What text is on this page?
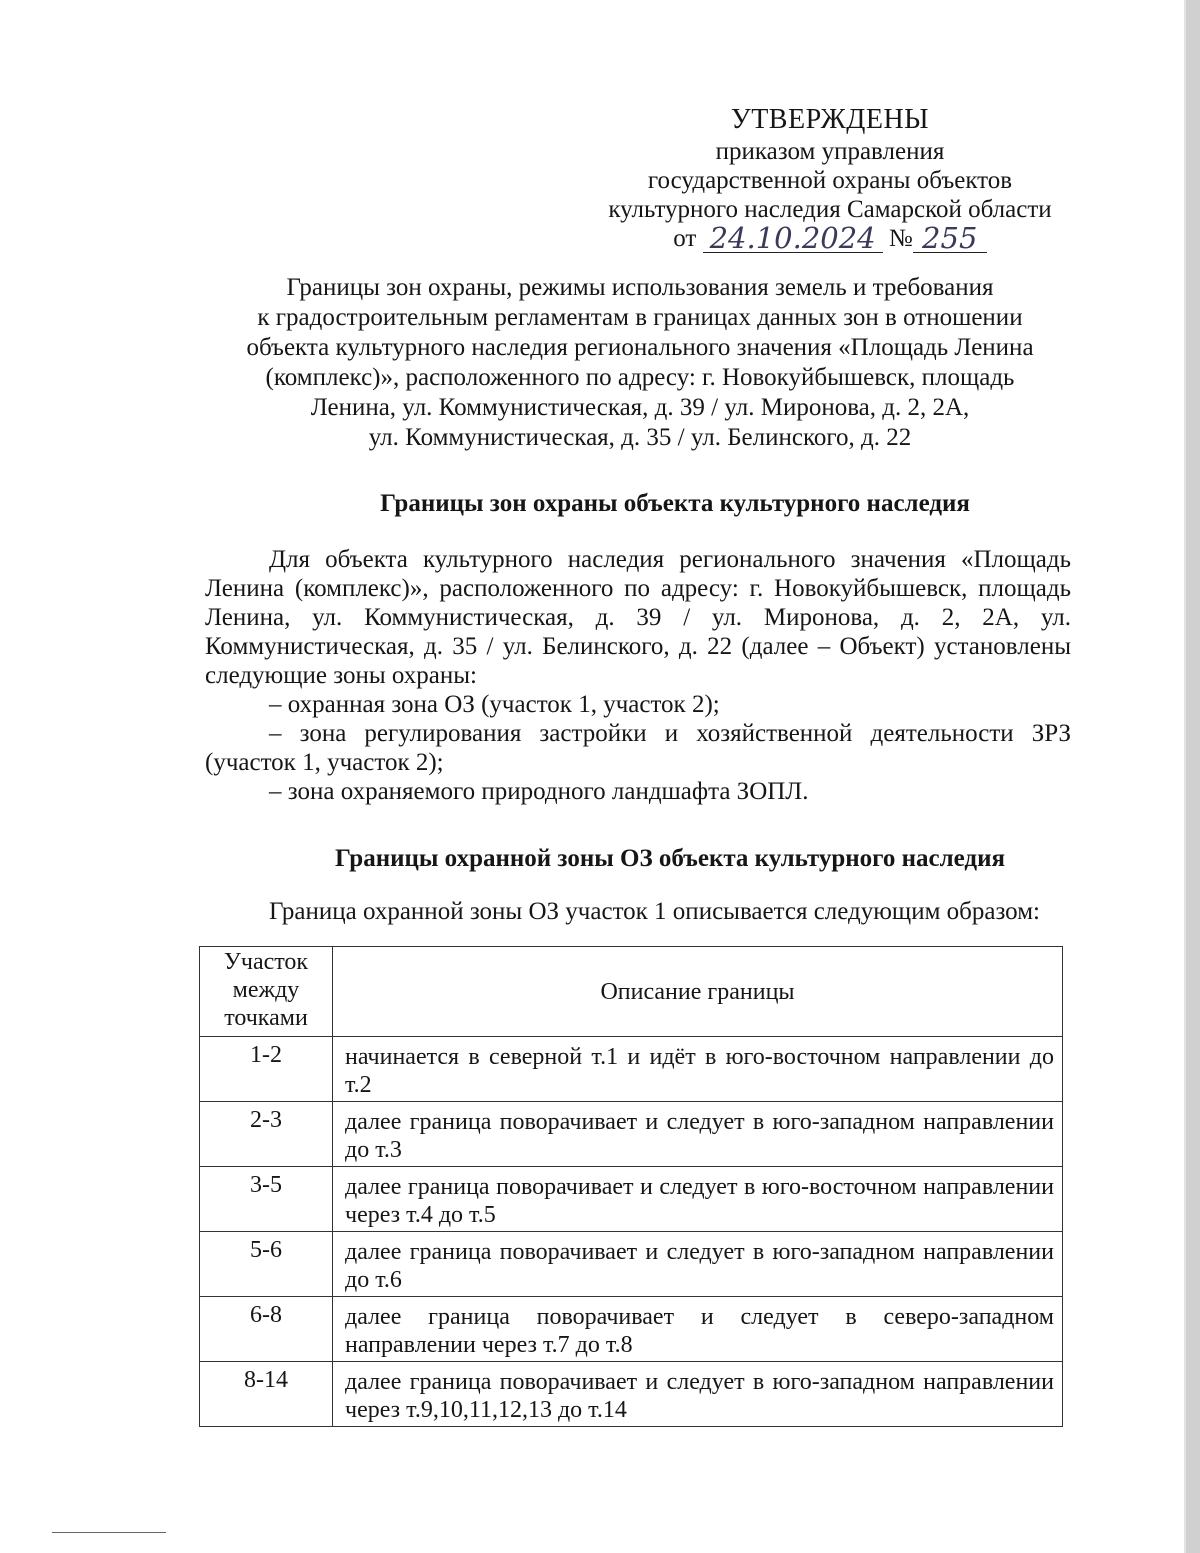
УТВЕРЖДЕНЫ
приказом управления
государственной охраны объектов
культурного наследия Самарской области
от 24.10.2024 № 255
Границы зон охраны, режимы использования земель и требования
к градостроительным регламентам в границах данных зон в отношении
объекта культурного наследия регионального значения «Площадь Ленина
(комплекс)», расположенного по адресу: г. Новокуйбышевск, площадь
Ленина, ул. Коммунистическая, д. 39 / ул. Миронова, д. 2, 2А,
ул. Коммунистическая, д. 35 / ул. Белинского, д. 22
Границы зон охраны объекта культурного наследия

Для объекта культурного наследия регионального значения «Площадь Ленина (комплекс)», расположенного по адресу: г. Новокуйбышевск, площадь Ленина, ул. Коммунистическая, д. 39 / ул. Миронова, д. 2, 2А, ул. Коммунистическая, д. 35 / ул. Белинского, д. 22 (далее – Объект) установлены следующие зоны охраны:

– охранная зона ОЗ (участок 1, участок 2);

– зона регулирования застройки и хозяйственной деятельности ЗРЗ (участок 1, участок 2);

– зона охраняемого природного ландшафта ЗОПЛ.

Границы охранной зоны ОЗ объекта культурного наследия

Граница охранной зоны ОЗ участок 1 описывается следующим образом:

Участок между точками	Описание границы
1-2	начинается в северной т.1 и идёт в юго-восточном направлении до т.2
2-3	далее граница поворачивает и следует в юго-западном направлении до т.3
3-5	далее граница поворачивает и следует в юго-восточном направлении через т.4 до т.5
5-6	далее граница поворачивает и следует в юго-западном направлении до т.6
6-8	далее граница поворачивает и следует в северо-западном направлении через т.7 до т.8
8-14	далее граница поворачивает и следует в юго-западном направлении через т.9,10,11,12,13 до т.14
